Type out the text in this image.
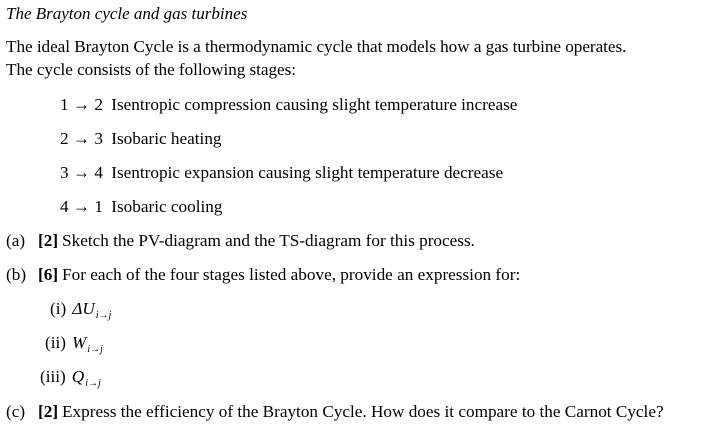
The Brayton cycle and gas turbines
The ideal Brayton Cycle is a thermodynamic cycle that models how a gas turbine operates.
The cycle consists of the following stages:
1 → 2 Isentropic compression causing slight temperature increase
2 → 3 Isobaric heating
3 → 4 Isentropic expansion causing slight temperature decrease
4 → 1 Isobaric cooling
(a) [2] Sketch the PV-diagram and the TS-diagram for this process.
(b) [6] For each of the four stages listed above, provide an expression for:
(i) $\Delta U_{i\to j}$
(ii) $W_{i\to j}$
(iii) $Q_{i\to j}$
(c) [2] Express the efficiency of the Brayton Cycle. How does it compare to the Carnot Cycle?
